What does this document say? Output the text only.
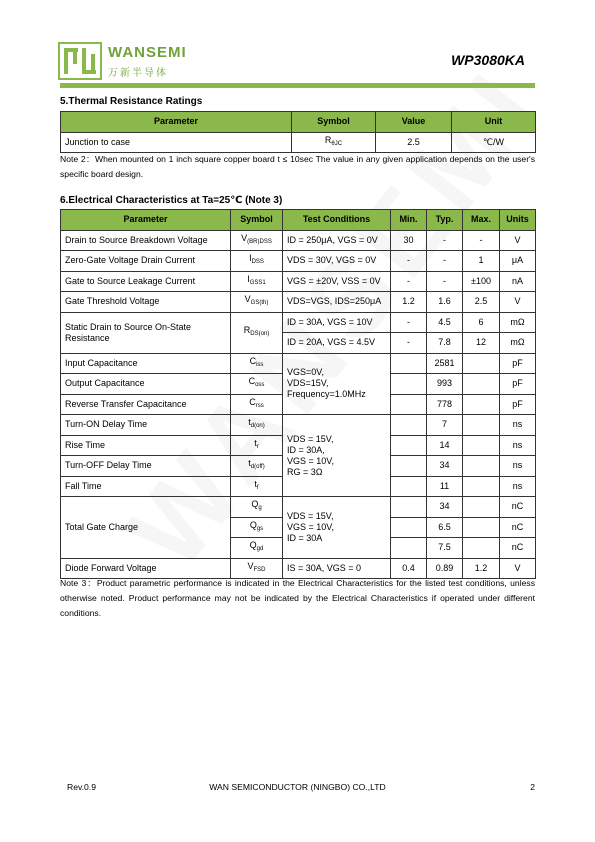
WANSEMI
万新半导体
WP3080KA
5.Thermal Resistance Ratings
Parameter	Symbol	Value	Unit
Junction to case	$R_{\theta JC}$	2.5	℃/W
Note 2：When mounted on 1 inch square copper board t ≤ 10sec The value in any given application depends on the user's specific board design.
6.Electrical Characteristics at Ta=25℃ (Note 3)
Parameter	Symbol	Test Conditions	Min.	Typ.	Max.	Units
Drain to Source Breakdown Voltage	$V_{(BR)DSS}$	ID = 250μA, VGS = 0V	30	-	-	V
Zero-Gate Voltage Drain Current	$I_{DSS}$	VDS = 30V, VGS = 0V	-	-	1	μA
Gate to Source Leakage Current	$I_{GSS1}$	VGS = ±20V, VSS = 0V	-	-	±100	nA
Gate Threshold Voltage	$V_{GS(th)}$	VDS=VGS, IDS=250μA	1.2	1.6	2.5	V
Static Drain to Source On-State Resistance	$R_{DS(on)}$	ID = 30A, VGS = 10V	-	4.5	6	mΩ
		ID = 20A, VGS = 4.5V	-	7.8	12	mΩ
Input Capacitance	$C_{iss}$	VGS=0V,
VDS=15V,
Frequency=1.0MHz		2581		pF
Output Capacitance	$C_{oss}$			993		pF
Reverse Transfer Capacitance	$C_{rss}$			778		pF
Turn-ON Delay Time	$t_{d(on)}$	VDS = 15V,
ID = 30A,
VGS = 10V,
RG = 3Ω		7		ns
Rise Time	$t_r$			14		ns
Turn-OFF Delay Time	$t_{d(off)}$			34		ns
Fall Time	$t_f$			11		ns
Total Gate Charge	$Q_g$	VDS = 15V,
VGS = 10V,
ID = 30A		34		nC
	$Q_{gs}$			6.5		nC
	$Q_{gd}$			7.5		nC
Diode Forward Voltage	$V_{FSD}$	IS = 30A, VGS = 0	0.4	0.89	1.2	V
Note 3：Product parametric performance is indicated in the Electrical Characteristics for the listed test conditions, unless otherwise noted. Product performance may not be indicated by the Electrical Characteristics if operated under different conditions.
Rev.0.9	WAN SEMICONDUCTOR (NINGBO) CO.,LTD	2
